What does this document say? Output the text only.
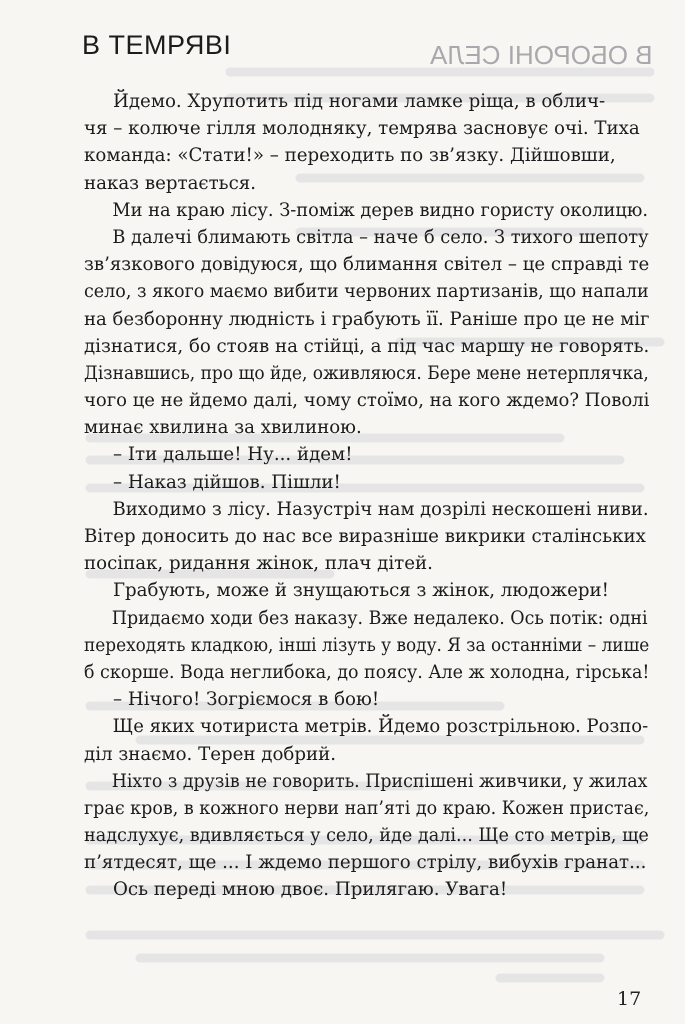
В ОБОРОНІ СЕЛА
В ТЕМРЯВІ
Йдемо. Хрупотить під ногами ламке ріща, в облич-
чя – колюче гілля молодняку, темрява засновує очі. Тиха
команда: «Стати!» – переходить по зв’язку. Дійшовши,
наказ вертається.
Ми на краю лісу. З-поміж дерев видно гористу околицю.
В далечі блимають світла – наче б село. З тихого шепоту
зв’язкового довідуюся, що блимання світел – це справді те
село, з якого маємо вибити червоних партизанів, що напали
на безборонну людність і грабують її. Раніше про це не міг
дізнатися, бо стояв на стійці, а під час маршу не говорять.
Дізнавшись, про що йде, оживляюся. Бере мене нетерплячка,
чого це не йдемо далі, чому стоїмо, на кого ждемо? Поволі
минає хвилина за хвилиною.
– Іти дальше! Ну... йдем!
– Наказ дійшов. Пішли!
Виходимо з лісу. Назустріч нам дозрілі нескошені ниви.
Вітер доносить до нас все виразніше викрики сталінських
посіпак, ридання жінок, плач дітей.
Грабують, може й знущаються з жінок, людожери!
Придаємо ходи без наказу. Вже недалеко. Ось потік: одні
переходять кладкою, інші лізуть у воду. Я за останніми – лише
б скорше. Вода неглибока, до поясу. Але ж холодна, гірська!
– Нічого! Зогріємося в бою!
Ще яких чотириста метрів. Йдемо розстрільною. Розпо-
діл знаємо. Терен добрий.
Ніхто з друзів не говорить. Приспішені живчики, у жилах
грає кров, в кожного нерви нап’яті до краю. Кожен пристає,
надслухує, вдивляється у село, йде далі... Ще сто метрів, ще
п’ятдесят, ще ... І ждемо першого стрілу, вибухів гранат...
Ось переді мною двоє. Прилягаю. Увага!
17
